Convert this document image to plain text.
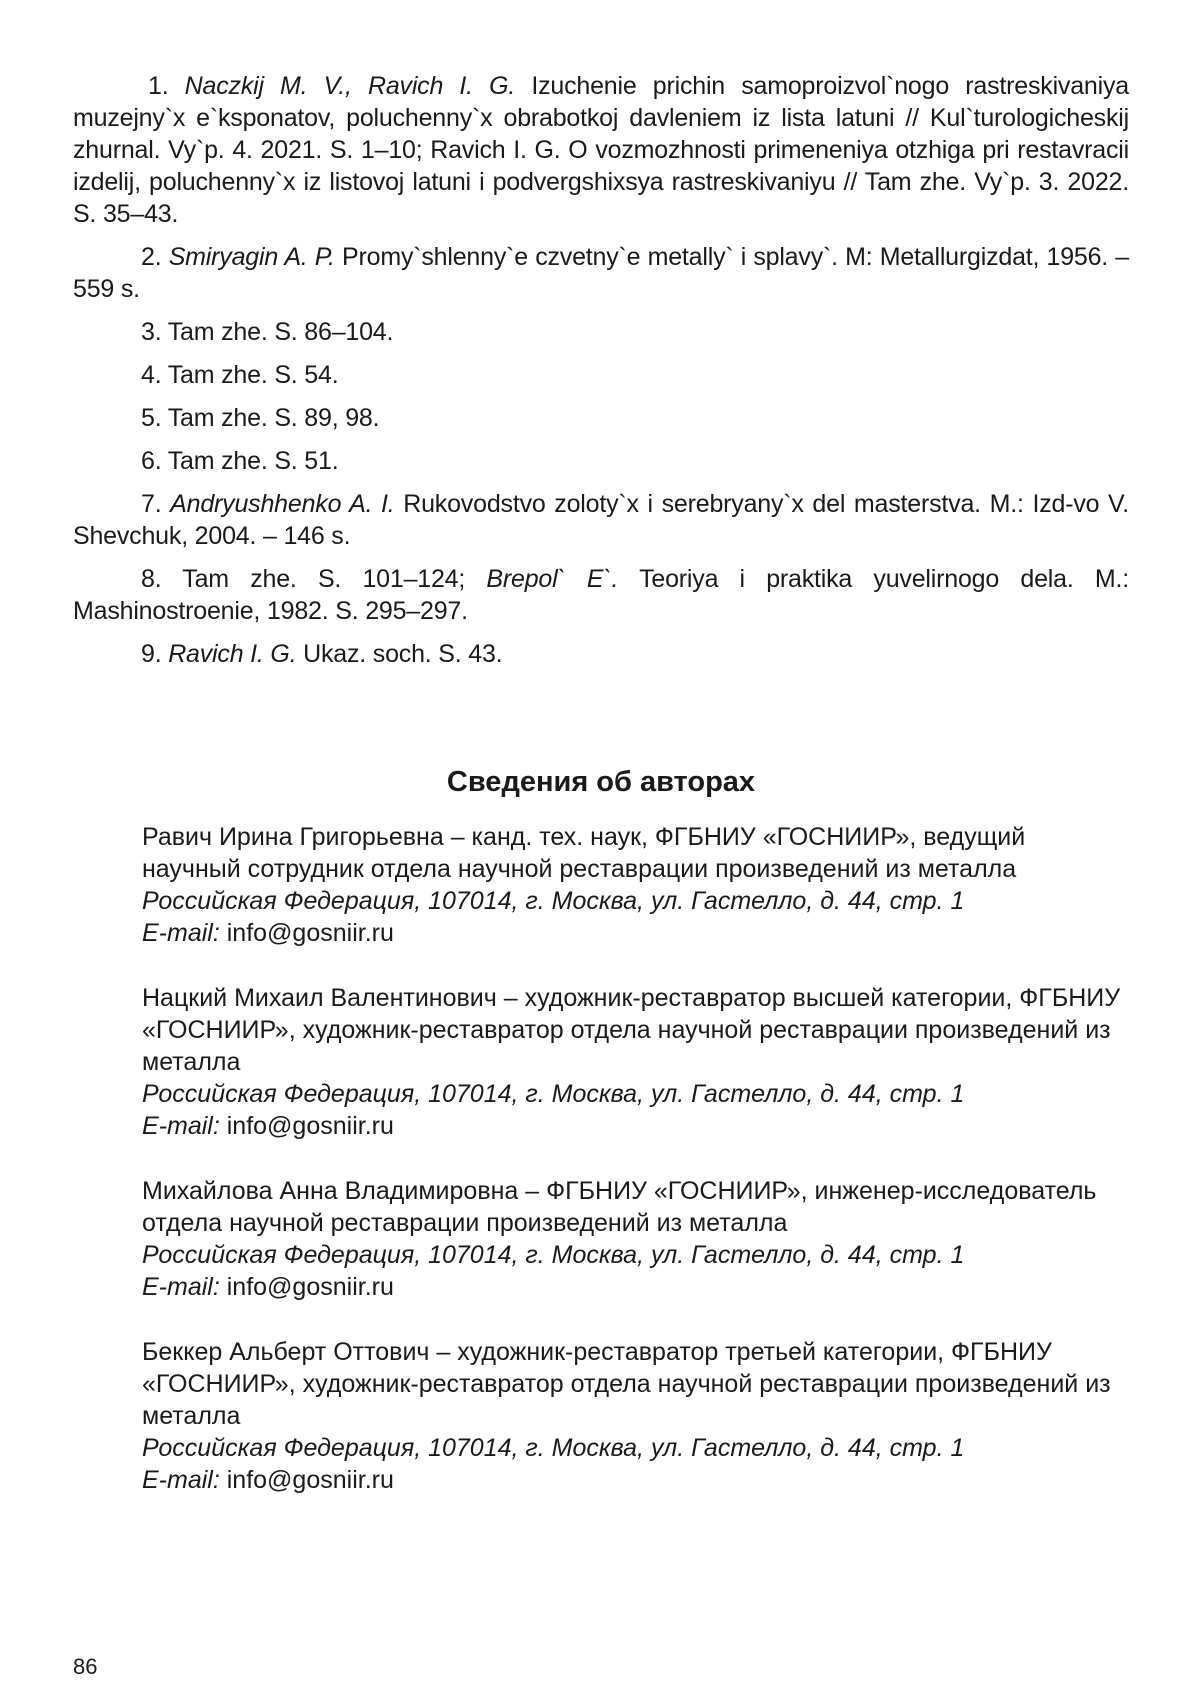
1. Naczkij M. V., Ravich I. G. Izuchenie prichin samoproizvol`nogo rastreskivaniya muzejny`x e`ksponatov, poluchenny`x obrabotkoj davleniem iz lista latuni // Kul`turologicheskij zhurnal. Vy`p. 4. 2021. S. 1–10; Ravich I. G. O vozmozhnosti primeneniya otzhiga pri restavracii izdelij, poluchenny`x iz listovoj latuni i podvergshixsya rastreskivaniyu // Tam zhe. Vy`p. 3. 2022. S. 35–43.

2. Smiryagin A. P. Promy`shlenny`e czvetny`e metally` i splavy`. M: Metallurgizdat, 1956. – 559 s.

3. Tam zhe. S. 86–104.

4. Tam zhe. S. 54.

5. Tam zhe. S. 89, 98.

6. Tam zhe. S. 51.

7. Andryushhenko A. I. Rukovodstvo zoloty`x i serebryany`x del masterstva. M.: Izd-vo V. Shevchuk, 2004. – 146 s.

8. Tam zhe. S. 101–124; Brepol` E`. Teoriya i praktika yuvelirnogo dela. M.: Mashinostroenie, 1982. S. 295–297.

9. Ravich I. G. Ukaz. soch. S. 43.

Сведения об авторах

Равич Ирина Григорьевна – канд. тех. наук, ФГБНИУ «ГОСНИИР», ведущий научный сотрудник отдела научной реставрации произведений из металла

Российская Федерация, 107014, г. Москва, ул. Гастелло, д. 44, стр. 1

E-mail: info@gosniir.ru

Нацкий Михаил Валентинович – художник-реставратор высшей категории, ФГБНИУ «ГОСНИИР», художник-реставратор отдела научной реставрации произведений из металла

Российская Федерация, 107014, г. Москва, ул. Гастелло, д. 44, стр. 1

E-mail: info@gosniir.ru

Михайлова Анна Владимировна – ФГБНИУ «ГОСНИИР», инженер-исследователь отдела научной реставрации произведений из металла

Российская Федерация, 107014, г. Москва, ул. Гастелло, д. 44, стр. 1

E-mail: info@gosniir.ru

Беккер Альберт Оттович – художник-реставратор третьей категории, ФГБНИУ «ГОСНИИР», художник-реставратор отдела научной реставрации произведений из металла

Российская Федерация, 107014, г. Москва, ул. Гастелло, д. 44, стр. 1

E-mail: info@gosniir.ru

86
